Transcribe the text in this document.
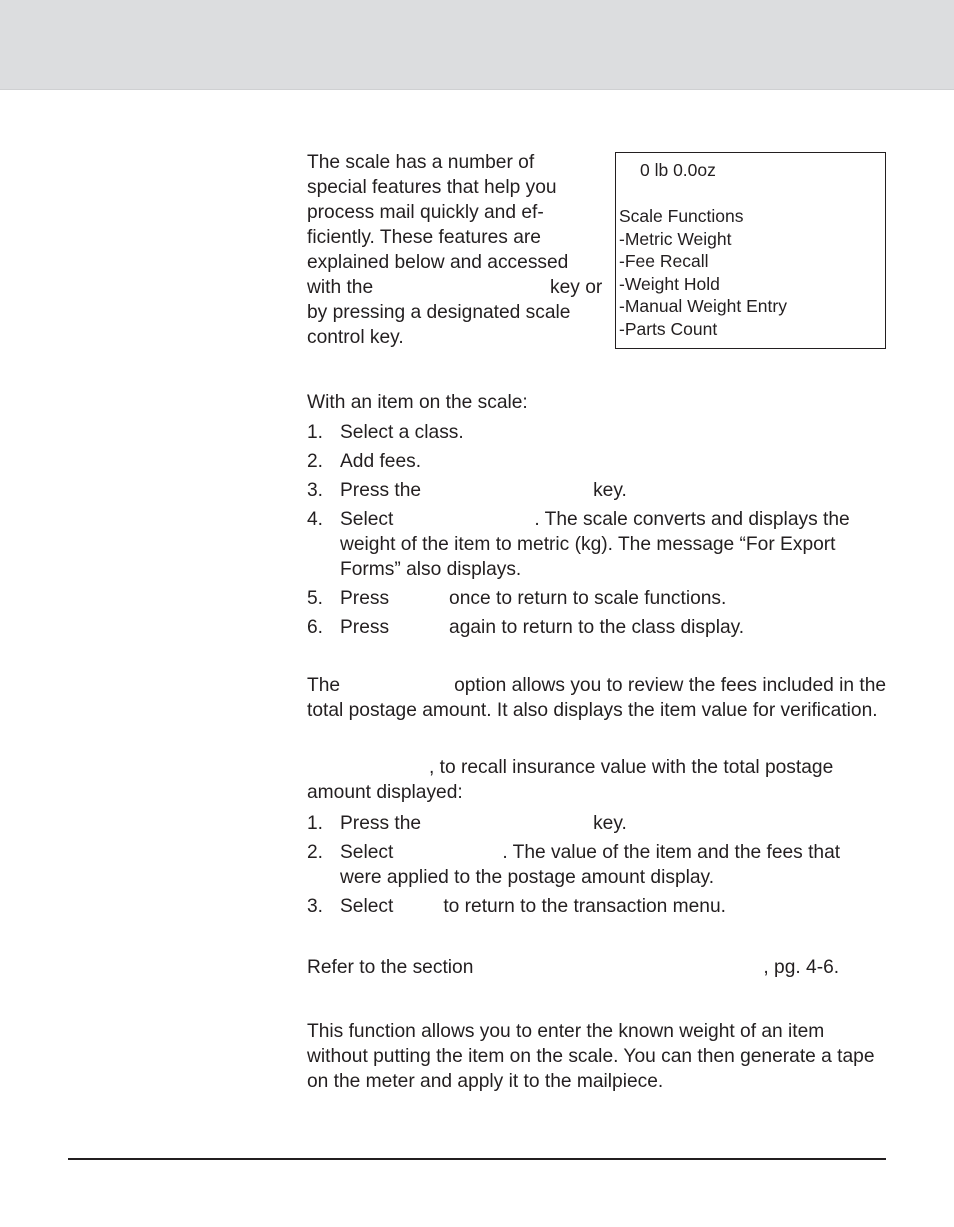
The scale has a number of
special features that help you
process mail quickly and ef-
ficiently. These features are
explained below and accessed
with the	key or
by pressing a designated scale
control key.
0 lb 0.0oz
Scale Functions
-Metric Weight
-Fee Recall
-Weight Hold
-Manual Weight Entry
-Parts Count

With an item on the scale:

1. Select a class.
2. Add fees.
3. Press the	key.
4. Select	. The scale converts and displays the weight of the item to metric (kg). The message “For Export Forms” also displays.
5. Press	once to return to scale functions.
6. Press	again to return to the class display.

The	option allows you to review the fees included in the total postage amount. It also displays the item value for verification.

, to recall insurance value with the total postage amount displayed:

1. Press the	key.
2. Select	. The value of the item and the fees that were applied to the postage amount display.
3. Select	to return to the transaction menu.

Refer to the section	, pg. 4-6.

This function allows you to enter the known weight of an item without putting the item on the scale. You can then generate a tape on the meter and apply it to the mailpiece.
